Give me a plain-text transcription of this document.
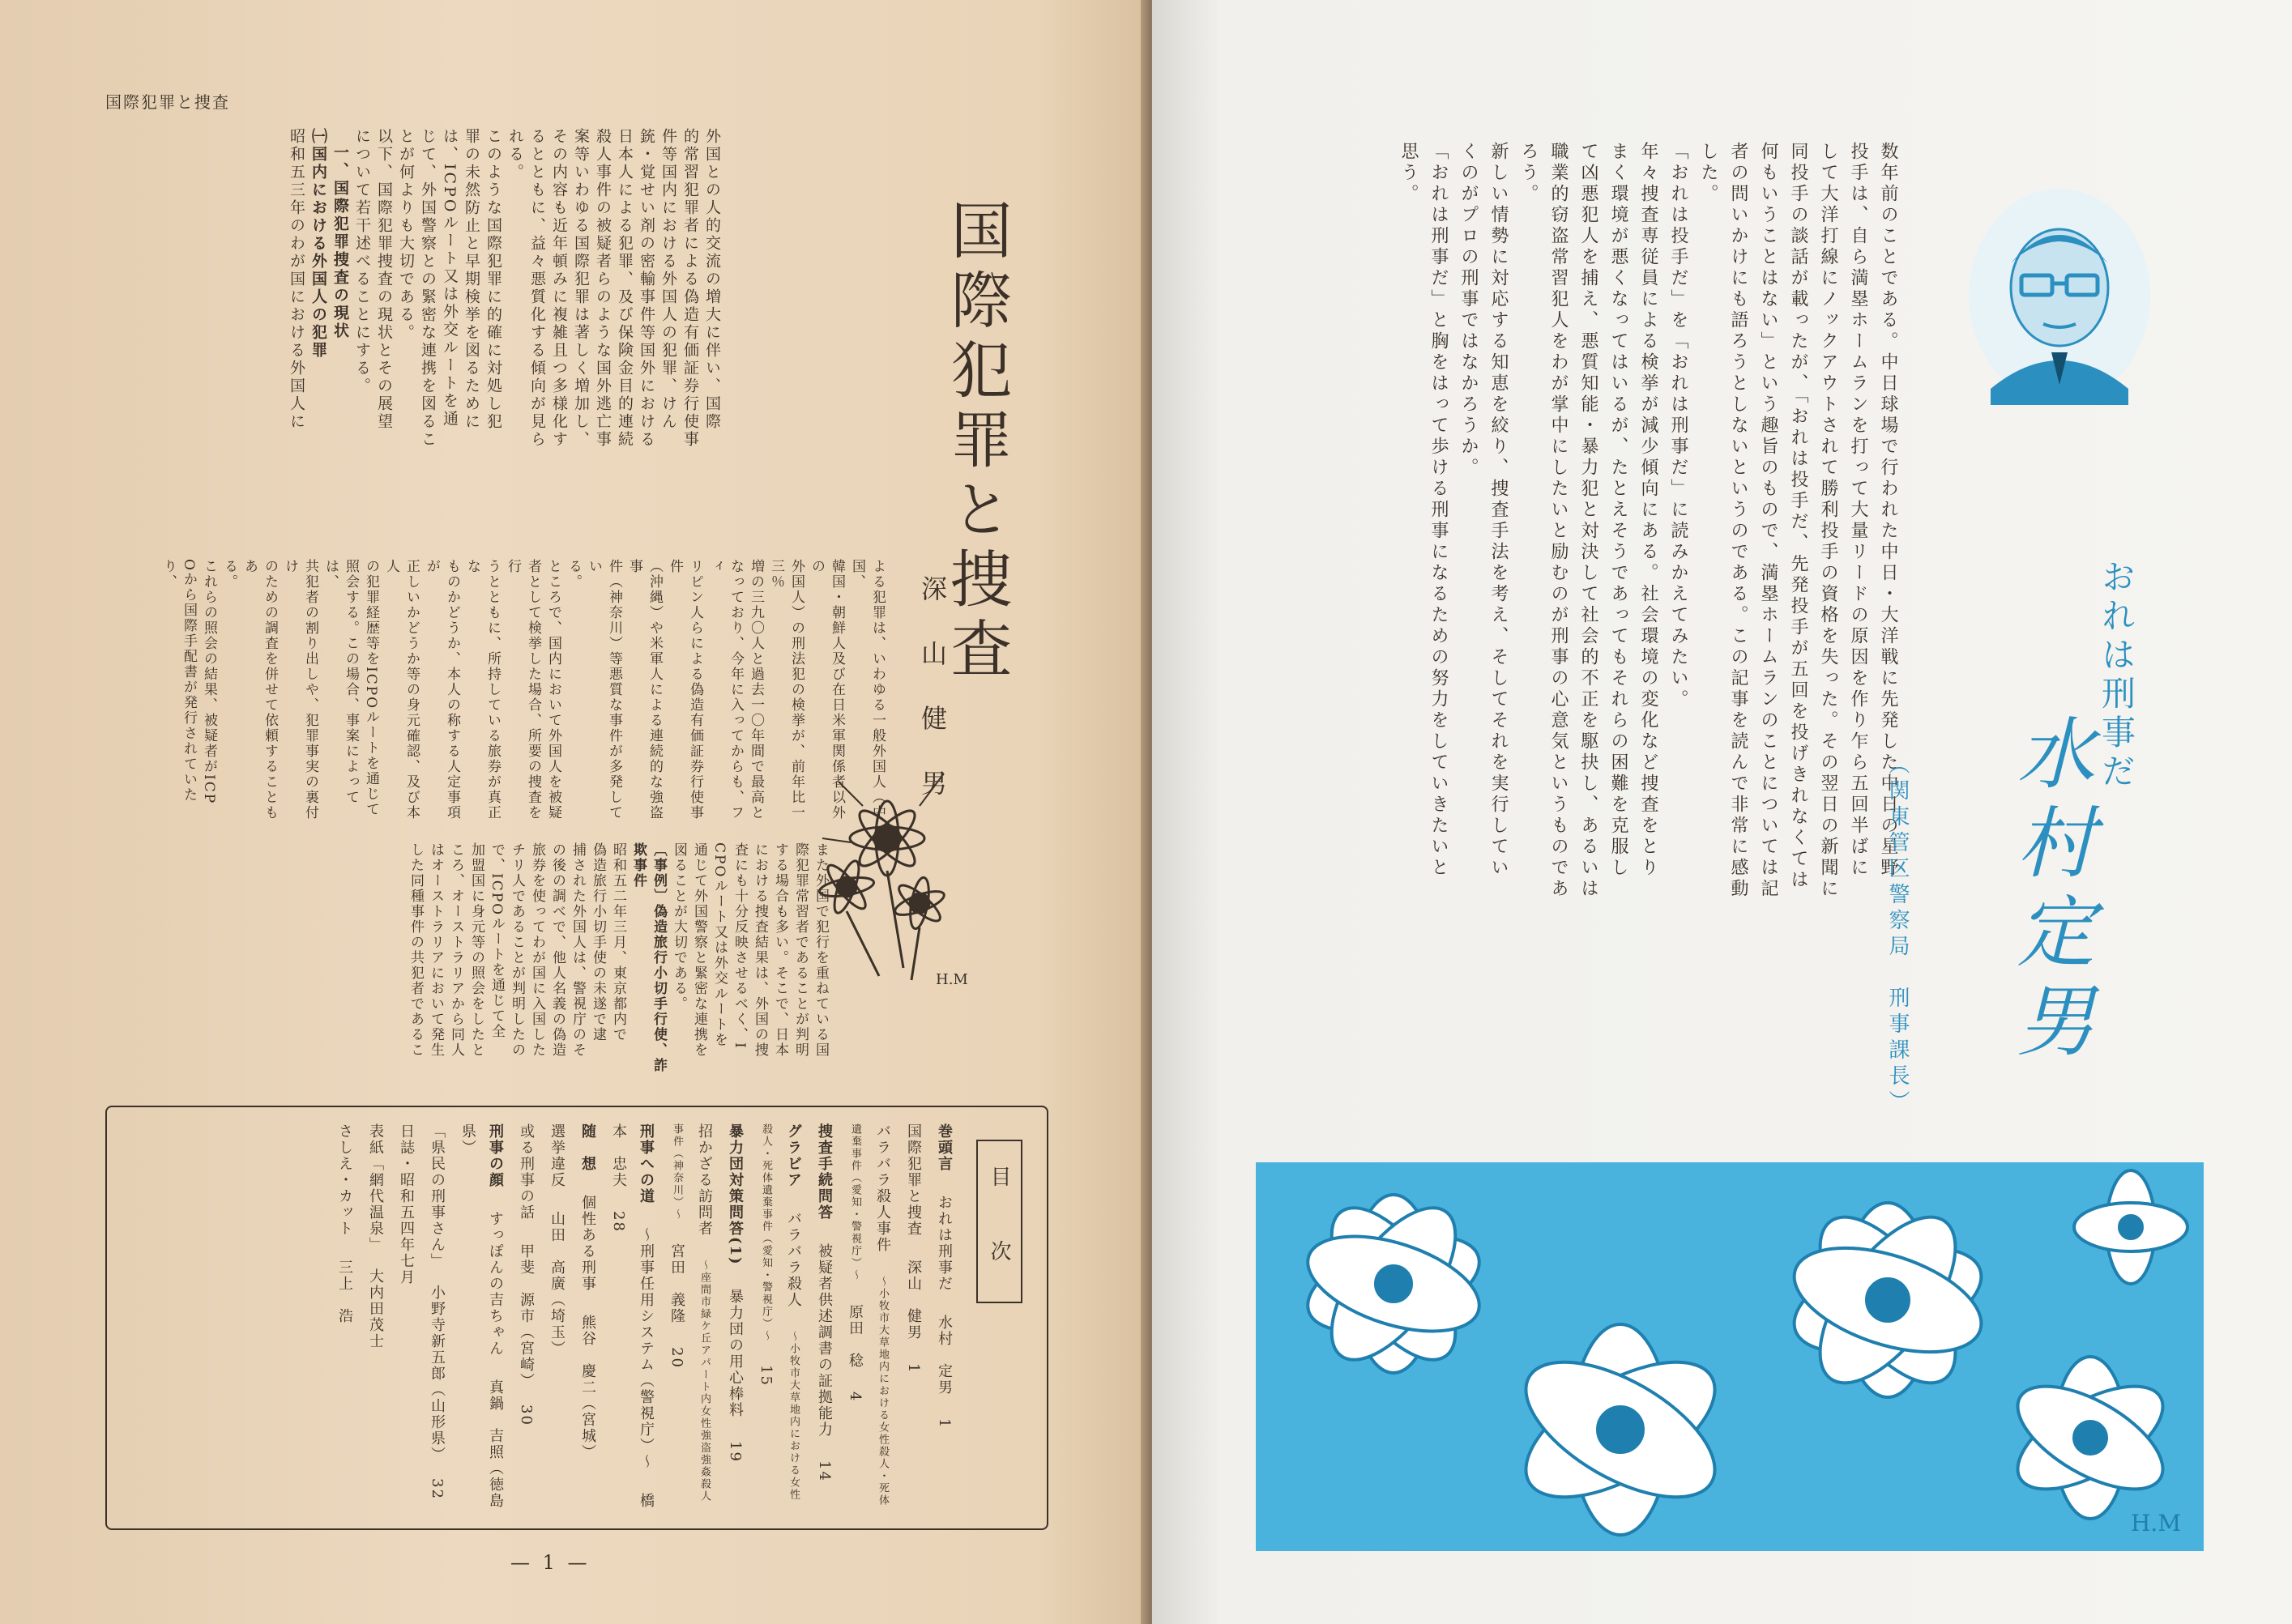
国際犯罪と捜査
外国との人的交流の増大に伴い、国際
的常習犯罪者による偽造有価証券行使事
件等国内における外国人の犯罪、けん
銃・覚せい剤の密輸事件等国外における
日本人による犯罪、及び保険金目的連続
殺人事件の被疑者らのような国外逃亡事
案等いわゆる国際犯罪は著しく増加し、
その内容も近年頓みに複雑且つ多様化す
るとともに、益々悪質化する傾向が見ら
れる。
このような国際犯罪に的確に対処し犯
罪の未然防止と早期検挙を図るために
は、ICPOルート又は外交ルートを通
じて、外国警察との緊密な連携を図るこ
とが何よりも大切である。
以下、国際犯罪捜査の現状とその展望
について若干述べることにする。
一、国際犯罪捜査の現状
㈠国内における外国人の犯罪
昭和五三年のわが国における外国人に	国際犯罪と捜査
深　山　健　男
H.M
よる犯罪は、いわゆる一般外国人（中国、
韓国・朝鮮人及び在日米軍関係者以外の
外国人）の刑法犯の検挙が、前年比一三％
増の三九〇人と過去一〇年間で最高と
なっており、今年に入ってからも、フィ
リピン人らによる偽造有価証券行使事件
（沖縄）や米軍人による連続的な強盗事
件（神奈川）等悪質な事件が多発してい
る。
ところで、国内において外国人を被疑
者として検挙した場合、所要の捜査を行
うとともに、所持している旅券が真正な
ものかどうか、本人の称する人定事項が
正しいかどうか等の身元確認、及び本人
の犯罪経歴等をICPOルートを通じて
照会する。この場合、事案によっては、
共犯者の割り出しや、犯罪事実の裏付け
のための調査を併せて依頼することもあ
る。
これらの照会の結果、被疑者がICP
Oから国際手配書が発行されていたり、
また外国で犯行を重ねている国
際犯罪常習者であることが判明
する場合も多い。そこで、日本
における捜査結果は、外国の捜
査にも十分反映させるべく、I
CPOルート又は外交ルートを
通じて外国警察と緊密な連携を
図ることが大切である。
〔事例〕偽造旅行小切手行使、詐欺事件
昭和五二年三月、東京都内で
偽造旅行小切手使の未遂で逮
捕された外国人は、警視庁のそ
の後の調べで、他人名義の偽造
旅券を使ってわが国に入国した
チリ人であることが判明したの
で、ICPOルートを通じて全
加盟国に身元等の照会をしたと
ころ、オーストラリアから同人
はオーストラリアにおいて発生
した同種事件の共犯者であるこ
目　次
巻頭言　おれは刑事だ　水村　定男　1　
国際犯罪と捜査　深山　健男　1　
バラバラ殺人事件　～小牧市大草地内における女性殺人・死体遺棄事件（愛知・警視庁）～　原田　稔　4　
捜査手続問答　被疑者供述調書の証拠能力　14　
グラビア　バラバラ殺人　～小牧市大草地内における女性殺人・死体遺棄事件（愛知・警視庁）～　15　
暴力団対策問答(1)　暴力団の用心棒料　19　
招かざる訪問者　～座間市緑ケ丘アパート内女性強盗強姦殺人事件（神奈川）～　宮田　義隆　20　
刑事への道　～刑事任用システム（警視庁）～　橋本　忠夫　28　
随　想　個性ある刑事　熊谷　慶二（宮城）　
選挙違反　山田　高廣（埼玉）　
或る刑事の話　甲斐　源市（宮崎）　30　
刑事の顔　すっぽんの吉ちゃん　真鍋　吉照（徳島県）　
「県民の刑事さん」　小野寺新五郎（山形県）　32　
日誌・昭和五四年七月　
表紙「網代温泉」　大内田茂士　
さしえ・カット　三上　浩　
— 1 —
数年前のことである。中日球場で行われた中日・大洋戦に先発した中日の星野
投手は、自ら満塁ホームランを打って大量リードの原因を作り乍ら五回半ばに
して大洋打線にノックアウトされて勝利投手の資格を失った。その翌日の新聞に
同投手の談話が載ったが、「おれは投手だ、先発投手が五回を投げきれなくては
何もいうことはない」という趣旨のもので、満塁ホームランのことについては記
者の問いかけにも語ろうとしないというのである。この記事を読んで非常に感動
した。
「おれは投手だ」を「おれは刑事だ」に読みかえてみたい。
年々捜査専従員による検挙が減少傾向にある。社会環境の変化など捜査をとり
まく環境が悪くなってはいるが、たとえそうであってもそれらの困難を克服し
て凶悪犯人を捕え、悪質知能・暴力犯と対決して社会的不正を駆抉し、あるいは
職業的窃盗常習犯人をわが掌中にしたいと励むのが刑事の心意気というものであ
ろう。
新しい情勢に対応する知恵を絞り、捜査手法を考え、そしてそれを実行してい
くのがプロの刑事ではなかろうか。
「おれは刑事だ」と胸をはって歩ける刑事になるための努力をしていきたいと
思う。
おれは刑事だ
水村定男
（関東管区警察局　刑事課長）
H.M
